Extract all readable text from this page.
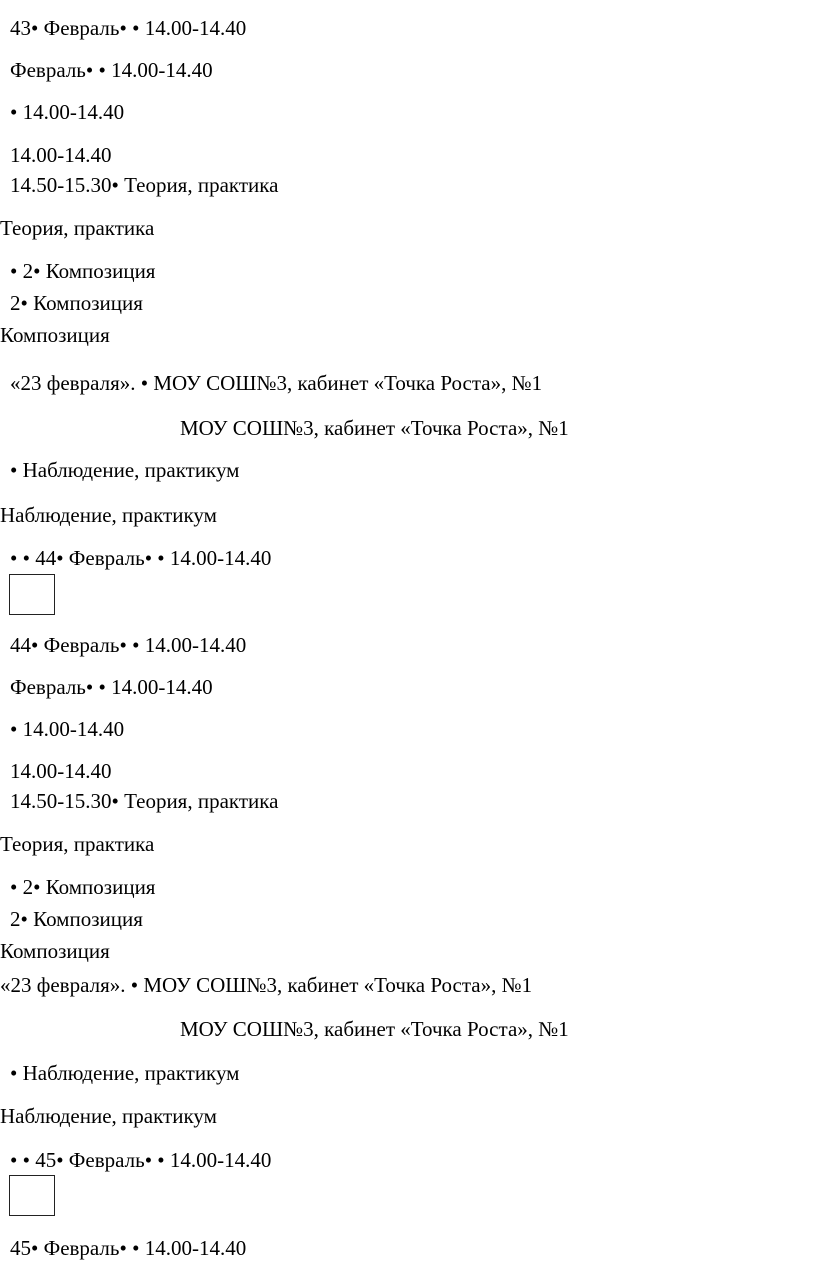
43• Февраль• • 14.00-14.40
Февраль• • 14.00-14.40
• 14.00-14.40
14.00-14.40
14.50-15.30• Теория, практика
Теория, практика
• 2• Композиция
2• Композиция
Композиция
«23 февраля». • МОУ СОШ№3, кабинет «Точка Роста», №1
МОУ СОШ№3, кабинет «Точка Роста», №1
• Наблюдение, практикум
Наблюдение, практикум
• • 44• Февраль• • 14.00-14.40
44• Февраль• • 14.00-14.40
Февраль• • 14.00-14.40
• 14.00-14.40
14.00-14.40
14.50-15.30• Теория, практика
Теория, практика
• 2• Композиция
2• Композиция
Композиция
«23 февраля». • МОУ СОШ№3, кабинет «Точка Роста», №1
МОУ СОШ№3, кабинет «Точка Роста», №1
• Наблюдение, практикум
Наблюдение, практикум
• • 45• Февраль• • 14.00-14.40
45• Февраль• • 14.00-14.40
